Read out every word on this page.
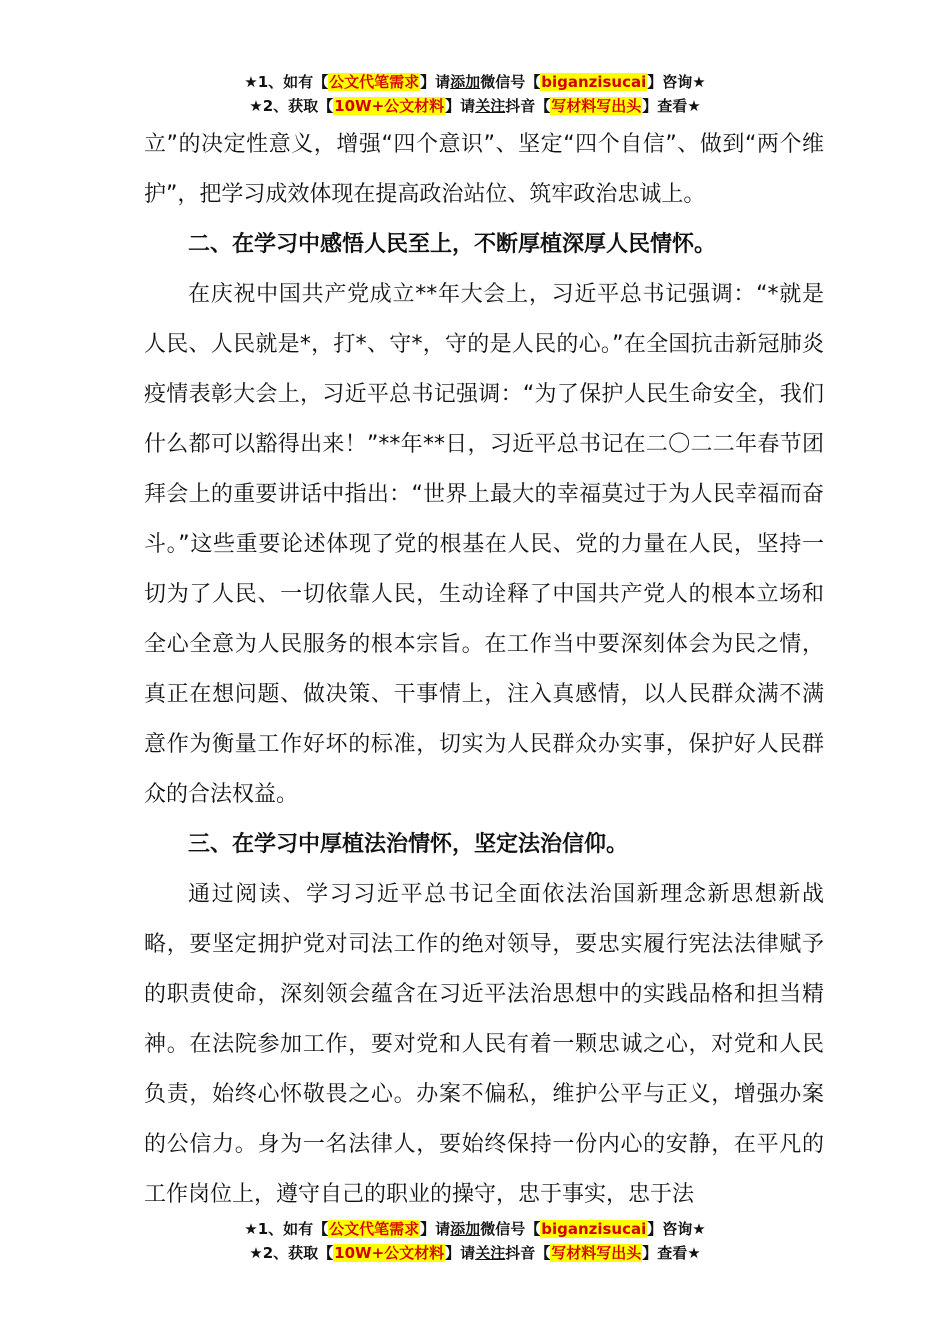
★1、如有【公文代笔需求】请添加微信号【biganzisucai】咨询★
★2、获取【10W+公文材料】请关注抖音【写材料写出头】查看★

立”的决定性意义，增强“四个意识”、坚定“四个自信”、做到“两个维护”，把学习成效体现在提高政治站位、筑牢政治忠诚上。

二、在学习中感悟人民至上，不断厚植深厚人民情怀。

在庆祝中国共产党成立**年大会上，习近平总书记强调：“*就是人民、人民就是*，打*、守*，守的是人民的心。”在全国抗击新冠肺炎疫情表彰大会上，习近平总书记强调：“为了保护人民生命安全，我们什么都可以豁得出来！”**年**日，习近平总书记在二〇二二年春节团拜会上的重要讲话中指出：“世界上最大的幸福莫过于为人民幸福而奋斗。”这些重要论述体现了党的根基在人民、党的力量在人民，坚持一切为了人民、一切依靠人民，生动诠释了中国共产党人的根本立场和全心全意为人民服务的根本宗旨。在工作当中要深刻体会为民之情，真正在想问题、做决策、干事情上，注入真感情，以人民群众满不满意作为衡量工作好坏的标准，切实为人民群众办实事，保护好人民群众的合法权益。

三、在学习中厚植法治情怀，坚定法治信仰。

通过阅读、学习习近平总书记全面依法治国新理念新思想新战略，要坚定拥护党对司法工作的绝对领导，要忠实履行宪法法律赋予的职责使命，深刻领会蕴含在习近平法治思想中的实践品格和担当精神。在法院参加工作，要对党和人民有着一颗忠诚之心，对党和人民负责，始终心怀敬畏之心。办案不偏私，维护公平与正义，增强办案的公信力。身为一名法律人，要始终保持一份内心的安静，在平凡的工作岗位上，遵守自己的职业的操守，忠于事实，忠于法

★1、如有【公文代笔需求】请添加微信号【biganzisucai】咨询★
★2、获取【10W+公文材料】请关注抖音【写材料写出头】查看★
